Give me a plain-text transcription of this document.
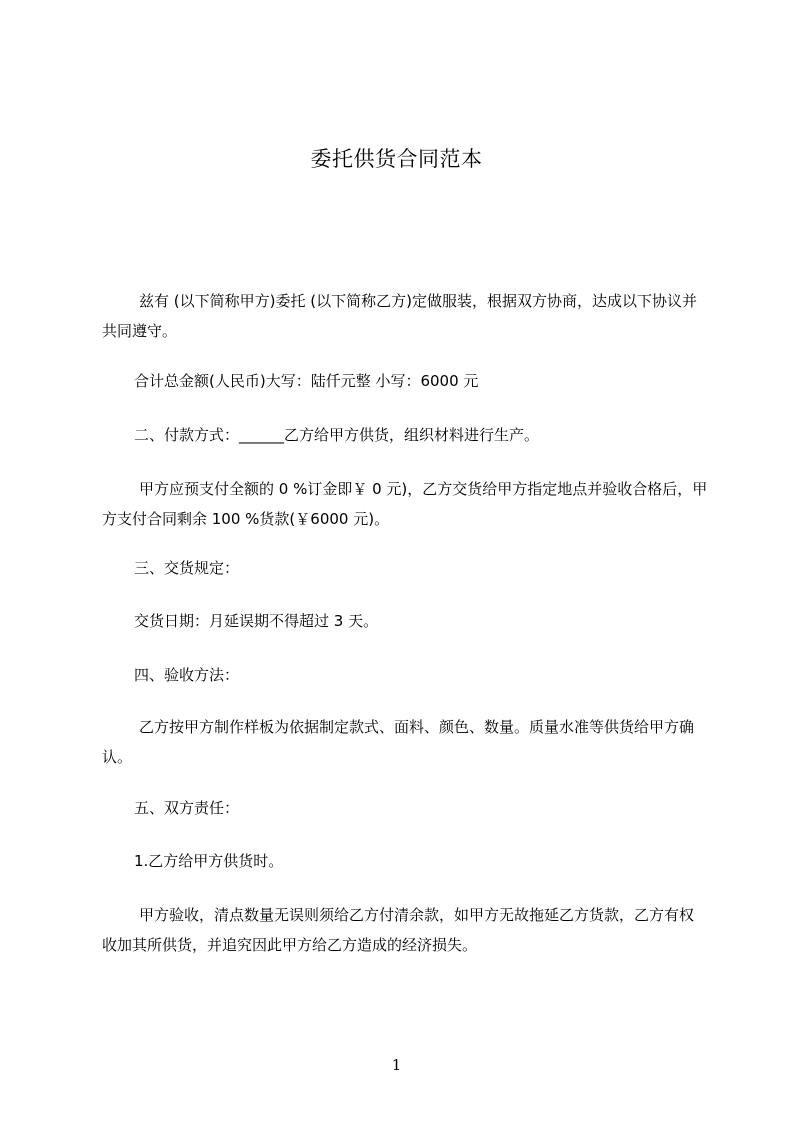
委托供货合同范本

兹有 (以下简称甲方)委托 (以下简称乙方)定做服装，根据双方协商，达成以下协议并共同遵守。

合计总金额(人民币)大写：陆仟元整 小写：6000 元

二、付款方式：______乙方给甲方供货，组织材料进行生产。

甲方应预支付全额的 0 %订金即￥ 0 元)，乙方交货给甲方指定地点并验收合格后，甲方支付合同剩余 100 %货款(￥6000 元)。

三、交货规定：

交货日期：月延误期不得超过 3 天。

四、验收方法：

乙方按甲方制作样板为依据制定款式、面料、颜色、数量。质量水准等供货给甲方确认。

五、双方责任：

1.乙方给甲方供货时。

甲方验收，清点数量无误则须给乙方付清余款，如甲方无故拖延乙方货款，乙方有权收加其所供货，并追究因此甲方给乙方造成的经济损失。

1
